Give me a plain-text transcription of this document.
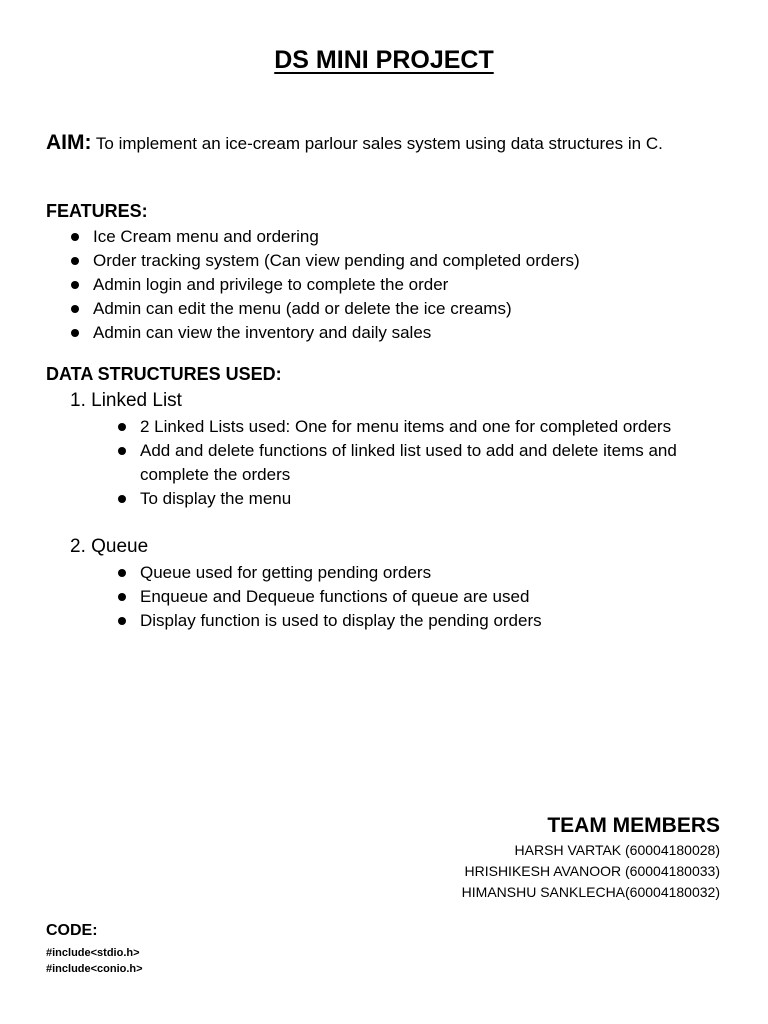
DS MINI PROJECT
AIM: To implement an ice-cream parlour sales system using data structures in C.
FEATURES:
Ice Cream menu and ordering
Order tracking system (Can view pending and completed orders)
Admin login and privilege to complete the order
Admin can edit the menu (add or delete the ice creams)
Admin can view the inventory and daily sales
DATA STRUCTURES USED:
1. Linked List
2 Linked Lists used: One for menu items and one for completed orders
Add and delete functions of linked list used to add and delete items and complete the orders
To display the menu
2. Queue
Queue used for getting pending orders
Enqueue and Dequeue functions of queue are used
Display function is used to display the pending orders
TEAM MEMBERS
HARSH VARTAK (60004180028)
HRISHIKESH AVANOOR (60004180033)
HIMANSHU SANKLECHA(60004180032)
CODE:
#include<stdio.h>
#include<conio.h>
